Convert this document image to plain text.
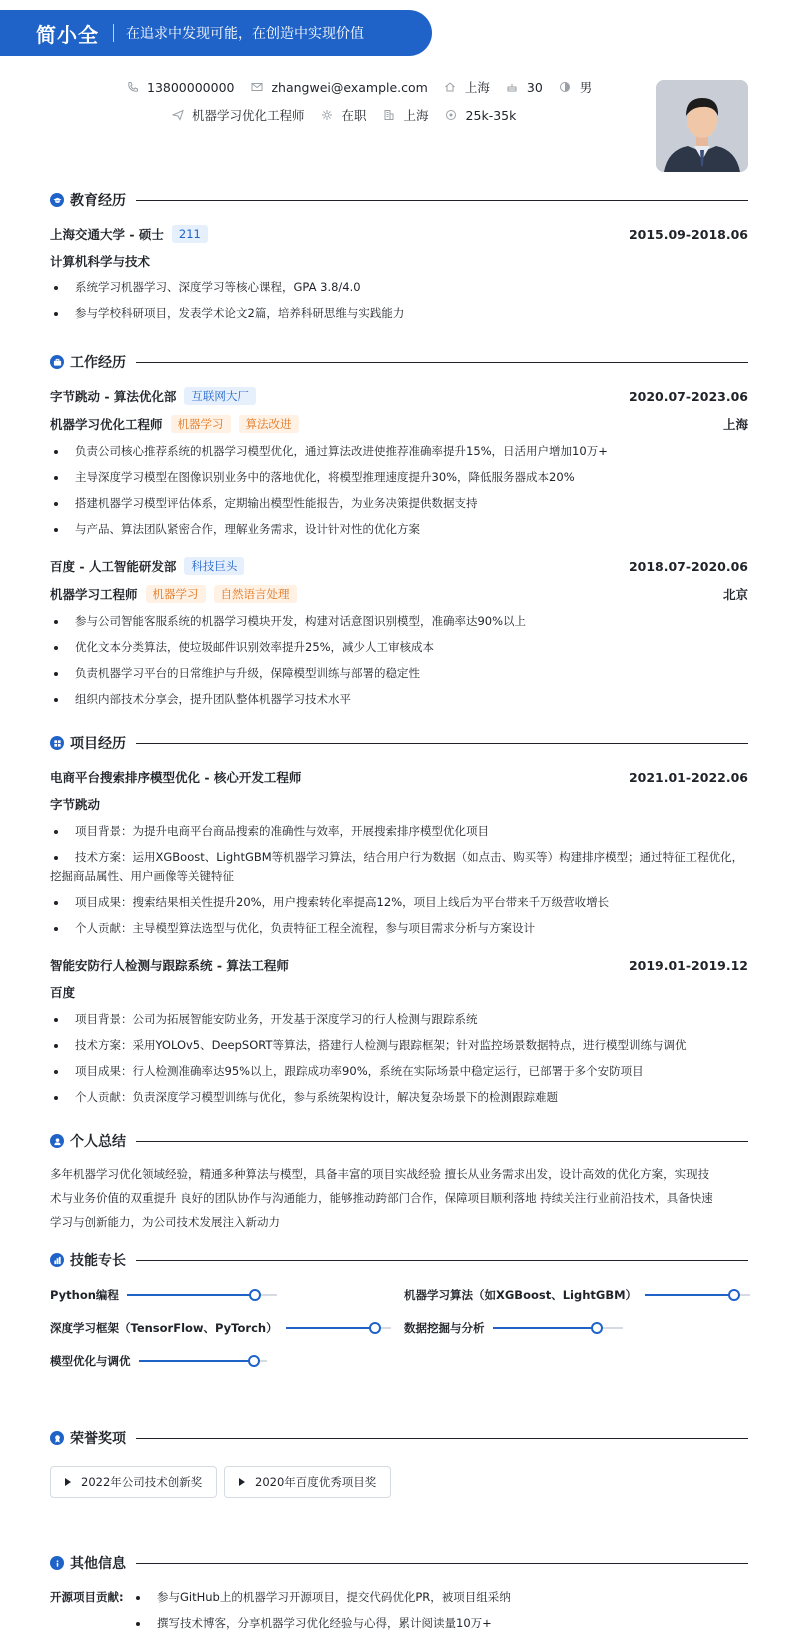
简小全 在追求中发现可能，在创造中实现价值
13800000000	zhangwei@example.com	上海	30	男
机器学习优化工程师	在职	上海	25k-35k
教育经历
上海交通大学 - 硕士	211	2015.09-2018.06
计算机科学与技术
系统学习机器学习、深度学习等核心课程，GPA 3.8/4.0
参与学校科研项目，发表学术论文2篇，培养科研思维与实践能力
工作经历
字节跳动 - 算法优化部	互联网大厂	2020.07-2023.06
机器学习优化工程师	机器学习	算法改进	上海
负责公司核心推荐系统的机器学习模型优化，通过算法改进使推荐准确率提升15%，日活用户增加10万+
主导深度学习模型在图像识别业务中的落地优化，将模型推理速度提升30%，降低服务器成本20%
搭建机器学习模型评估体系，定期输出模型性能报告，为业务决策提供数据支持
与产品、算法团队紧密合作，理解业务需求，设计针对性的优化方案
百度 - 人工智能研发部	科技巨头	2018.07-2020.06
机器学习工程师	机器学习	自然语言处理	北京
参与公司智能客服系统的机器学习模块开发，构建对话意图识别模型，准确率达90%以上
优化文本分类算法，使垃圾邮件识别效率提升25%，减少人工审核成本
负责机器学习平台的日常维护与升级，保障模型训练与部署的稳定性
组织内部技术分享会，提升团队整体机器学习技术水平
项目经历
电商平台搜索排序模型优化 - 核心开发工程师	2021.01-2022.06
字节跳动
项目背景：为提升电商平台商品搜索的准确性与效率，开展搜索排序模型优化项目
技术方案：运用XGBoost、LightGBM等机器学习算法，结合用户行为数据（如点击、购买等）构建排序模型；通过特征工程优化，挖掘商品属性、用户画像等关键特征
项目成果：搜索结果相关性提升20%，用户搜索转化率提高12%，项目上线后为平台带来千万级营收增长
个人贡献：主导模型算法选型与优化，负责特征工程全流程，参与项目需求分析与方案设计
智能安防行人检测与跟踪系统 - 算法工程师	2019.01-2019.12
百度
项目背景：公司为拓展智能安防业务，开发基于深度学习的行人检测与跟踪系统
技术方案：采用YOLOv5、DeepSORT等算法，搭建行人检测与跟踪框架；针对监控场景数据特点，进行模型训练与调优
项目成果：行人检测准确率达95%以上，跟踪成功率90%，系统在实际场景中稳定运行，已部署于多个安防项目
个人贡献：负责深度学习模型训练与优化，参与系统架构设计，解决复杂场景下的检测跟踪难题
个人总结
多年机器学习优化领域经验，精通多种算法与模型，具备丰富的项目实战经验 擅长从业务需求出发，设计高效的优化方案，实现技
术与业务价值的双重提升 良好的团队协作与沟通能力，能够推动跨部门合作，保障项目顺利落地 持续关注行业前沿技术，具备快速
学习与创新能力，为公司技术发展注入新动力
技能专长
Python编程	机器学习算法（如XGBoost、LightGBM）
深度学习框架（TensorFlow、PyTorch）	数据挖掘与分析
模型优化与调优
荣誉奖项
2022年公司技术创新奖	2020年百度优秀项目奖
其他信息
开源项目贡献:	参与GitHub上的机器学习开源项目，提交代码优化PR，被项目组采纳
撰写技术博客，分享机器学习优化经验与心得，累计阅读量10万+
